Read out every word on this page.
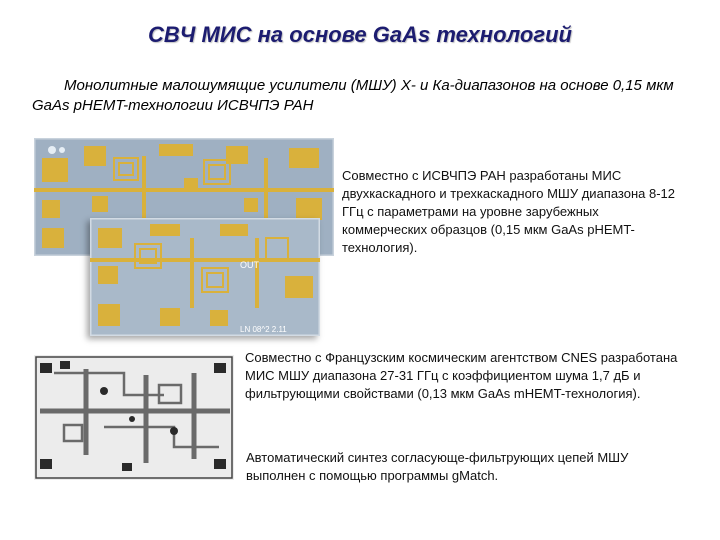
СВЧ МИС на основе GaAs технологий
Монолитные малошумящие усилители (МШУ) X- и Ка-диапазонов на основе 0,15 мкм GaAs pHEMT-технологии ИСВЧПЭ РАН
OUT
LN 08^2 2.11
Совместно с ИСВЧПЭ РАН разработаны МИС двухкаскадного и трехкаскадного МШУ диапазона 8-12 ГГц с параметрами на уровне зарубежных коммерческих образцов (0,15 мкм GaAs pHEMT-технология).
Совместно с Французским космическим агентством CNES разработана МИС МШУ диапазона 27-31 ГГц с коэффициентом шума 1,7 дБ и фильтрующими свойствами (0,13 мкм GaAs mHEMT-технология).
Автоматический синтез согласующе-фильтрующих цепей МШУ выполнен с помощью программы gMatch.
